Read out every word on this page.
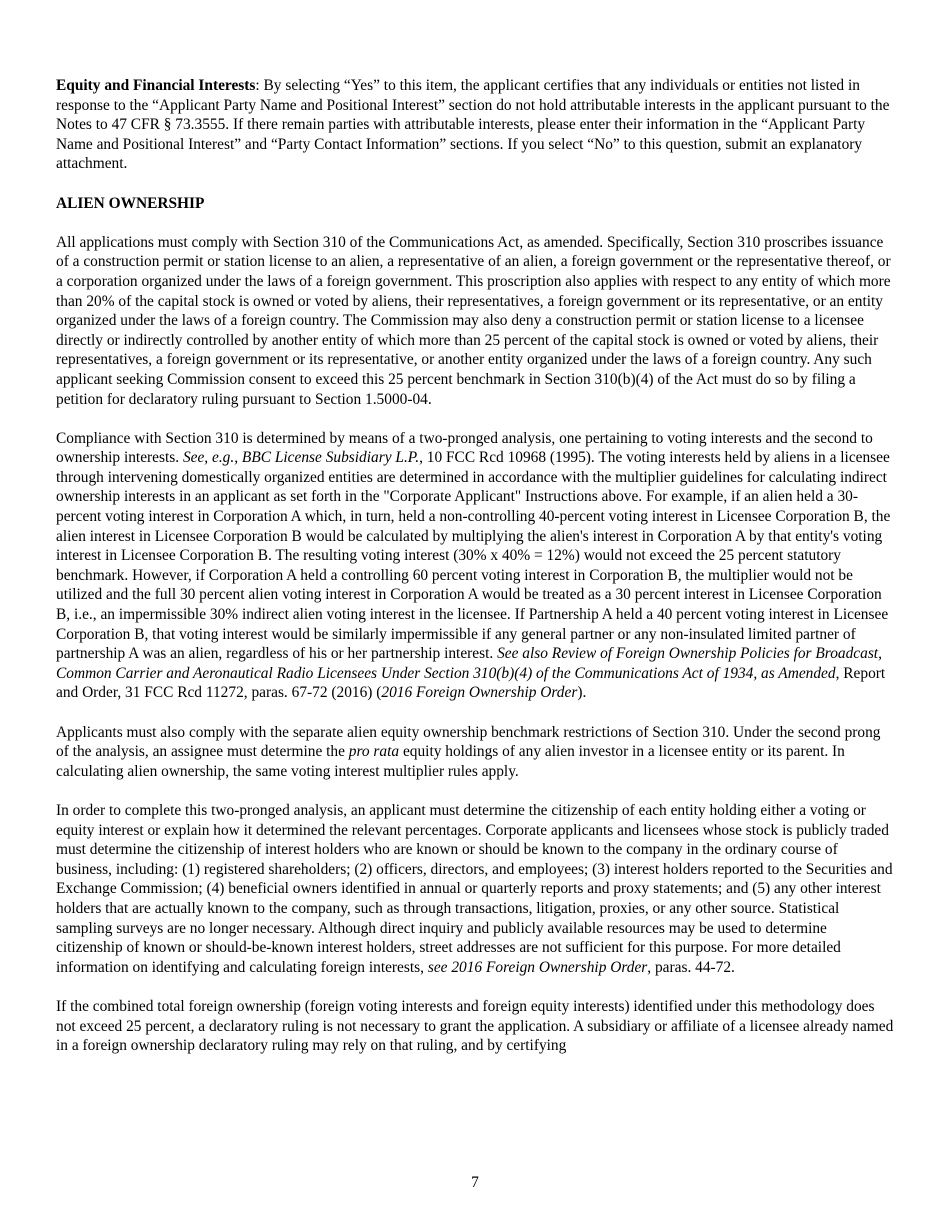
Equity and Financial Interests: By selecting “Yes” to this item, the applicant certifies that any individuals or entities not listed in response to the “Applicant Party Name and Positional Interest” section do not hold attributable interests in the applicant pursuant to the Notes to 47 CFR § 73.3555. If there remain parties with attributable interests, please enter their information in the “Applicant Party Name and Positional Interest” and “Party Contact Information” sections. If you select “No” to this question, submit an explanatory attachment.

ALIEN OWNERSHIP

All applications must comply with Section 310 of the Communications Act, as amended. Specifically, Section 310 proscribes issuance of a construction permit or station license to an alien, a representative of an alien, a foreign government or the representative thereof, or a corporation organized under the laws of a foreign government. This proscription also applies with respect to any entity of which more than 20% of the capital stock is owned or voted by aliens, their representatives, a foreign government or its representative, or an entity organized under the laws of a foreign country. The Commission may also deny a construction permit or station license to a licensee directly or indirectly controlled by another entity of which more than 25 percent of the capital stock is owned or voted by aliens, their representatives, a foreign government or its representative, or another entity organized under the laws of a foreign country. Any such applicant seeking Commission consent to exceed this 25 percent benchmark in Section 310(b)(4) of the Act must do so by filing a petition for declaratory ruling pursuant to Section 1.5000-04.

Compliance with Section 310 is determined by means of a two-pronged analysis, one pertaining to voting interests and the second to ownership interests. See, e.g., BBC License Subsidiary L.P., 10 FCC Rcd 10968 (1995). The voting interests held by aliens in a licensee through intervening domestically organized entities are determined in accordance with the multiplier guidelines for calculating indirect ownership interests in an applicant as set forth in the "Corporate Applicant" Instructions above. For example, if an alien held a 30-percent voting interest in Corporation A which, in turn, held a non-controlling 40-percent voting interest in Licensee Corporation B, the alien interest in Licensee Corporation B would be calculated by multiplying the alien's interest in Corporation A by that entity's voting interest in Licensee Corporation B. The resulting voting interest (30% x 40% = 12%) would not exceed the 25 percent statutory benchmark. However, if Corporation A held a controlling 60 percent voting interest in Corporation B, the multiplier would not be utilized and the full 30 percent alien voting interest in Corporation A would be treated as a 30 percent interest in Licensee Corporation B, i.e., an impermissible 30% indirect alien voting interest in the licensee. If Partnership A held a 40 percent voting interest in Licensee Corporation B, that voting interest would be similarly impermissible if any general partner or any non-insulated limited partner of partnership A was an alien, regardless of his or her partnership interest. See also Review of Foreign Ownership Policies for Broadcast, Common Carrier and Aeronautical Radio Licensees Under Section 310(b)(4) of the Communications Act of 1934, as Amended, Report and Order, 31 FCC Rcd 11272, paras. 67-72 (2016) (2016 Foreign Ownership Order).

Applicants must also comply with the separate alien equity ownership benchmark restrictions of Section 310. Under the second prong of the analysis, an assignee must determine the pro rata equity holdings of any alien investor in a licensee entity or its parent. In calculating alien ownership, the same voting interest multiplier rules apply.

In order to complete this two-pronged analysis, an applicant must determine the citizenship of each entity holding either a voting or equity interest or explain how it determined the relevant percentages. Corporate applicants and licensees whose stock is publicly traded must determine the citizenship of interest holders who are known or should be known to the company in the ordinary course of business, including: (1) registered shareholders; (2) officers, directors, and employees; (3) interest holders reported to the Securities and Exchange Commission; (4) beneficial owners identified in annual or quarterly reports and proxy statements; and (5) any other interest holders that are actually known to the company, such as through transactions, litigation, proxies, or any other source. Statistical sampling surveys are no longer necessary. Although direct inquiry and publicly available resources may be used to determine citizenship of known or should-be-known interest holders, street addresses are not sufficient for this purpose. For more detailed information on identifying and calculating foreign interests, see 2016 Foreign Ownership Order, paras. 44-72.

If the combined total foreign ownership (foreign voting interests and foreign equity interests) identified under this methodology does not exceed 25 percent, a declaratory ruling is not necessary to grant the application. A subsidiary or affiliate of a licensee already named in a foreign ownership declaratory ruling may rely on that ruling, and by certifying

7
